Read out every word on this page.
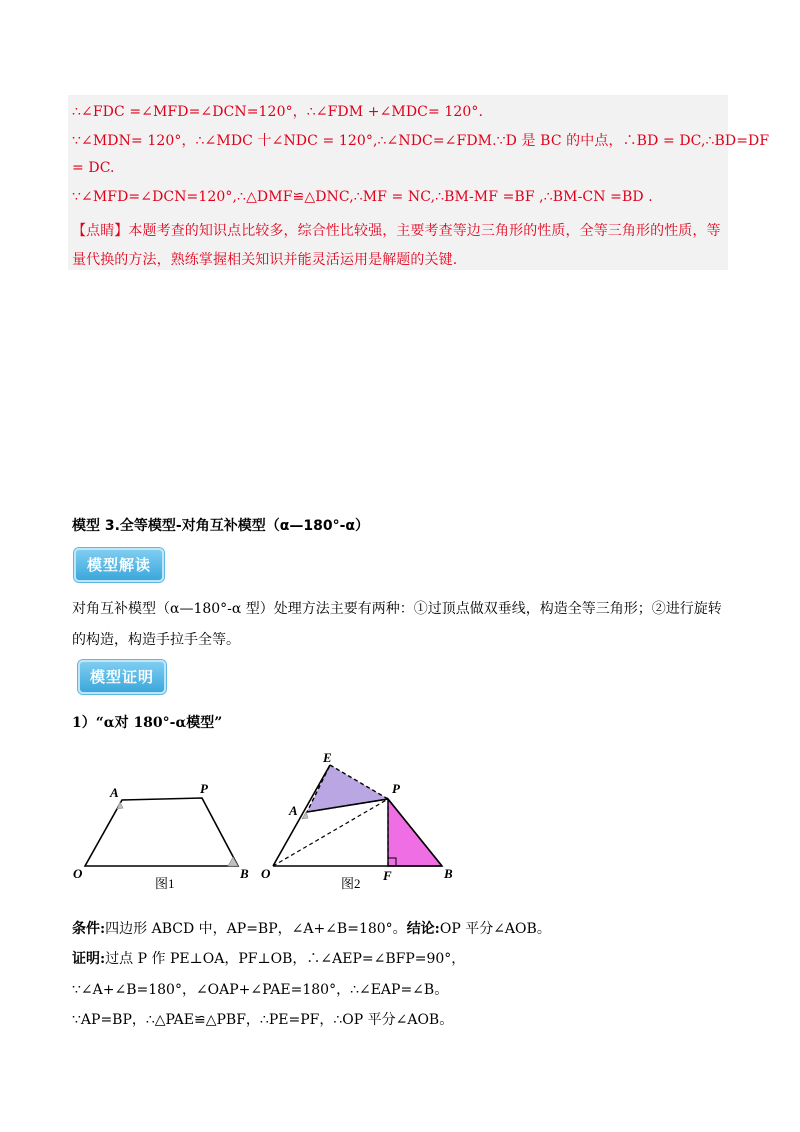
∴∠FDC =∠MFD=∠DCN=120°，∴∠FDM +∠MDC= 120°.
∵∠MDN= 120°，∴∠MDC 十∠NDC = 120°,∴∠NDC=∠FDM.∵D 是 BC 的中点，∴BD = DC,∴BD=DF
= DC.
∵∠MFD=∠DCN=120°,∴△DMF≌△DNC,∴MF = NC,∴BM-MF =BF ,∴BM-CN =BD .
【点睛】本题考查的知识点比较多，综合性比较强，主要考查等边三角形的性质，全等三角形的性质，等
量代换的方法，熟练掌握相关知识并能灵活运用是解题的关键.
模型 3.全等模型-对角互补模型（α—180°-α）
模型解读
对角互补模型（α—180°-α 型）处理方法主要有两种：①过顶点做双垂线，构造全等三角形；②进行旋转
的构造，构造手拉手全等。
模型证明
1）“α对 180°-α模型”
O
A	P
B
图1
O
A
P
B
E
F
图2
条件:四边形 ABCD 中，AP=BP，∠A+∠B=180°。结论:OP 平分∠AOB。
证明:过点 P 作 PE⊥OA，PF⊥OB，∴∠AEP=∠BFP=90°，
∵∠A+∠B=180°，∠OAP+∠PAE=180°，∴∠EAP=∠B。
∵AP=BP，∴△PAE≌△PBF，∴PE=PF，∴OP 平分∠AOB。
